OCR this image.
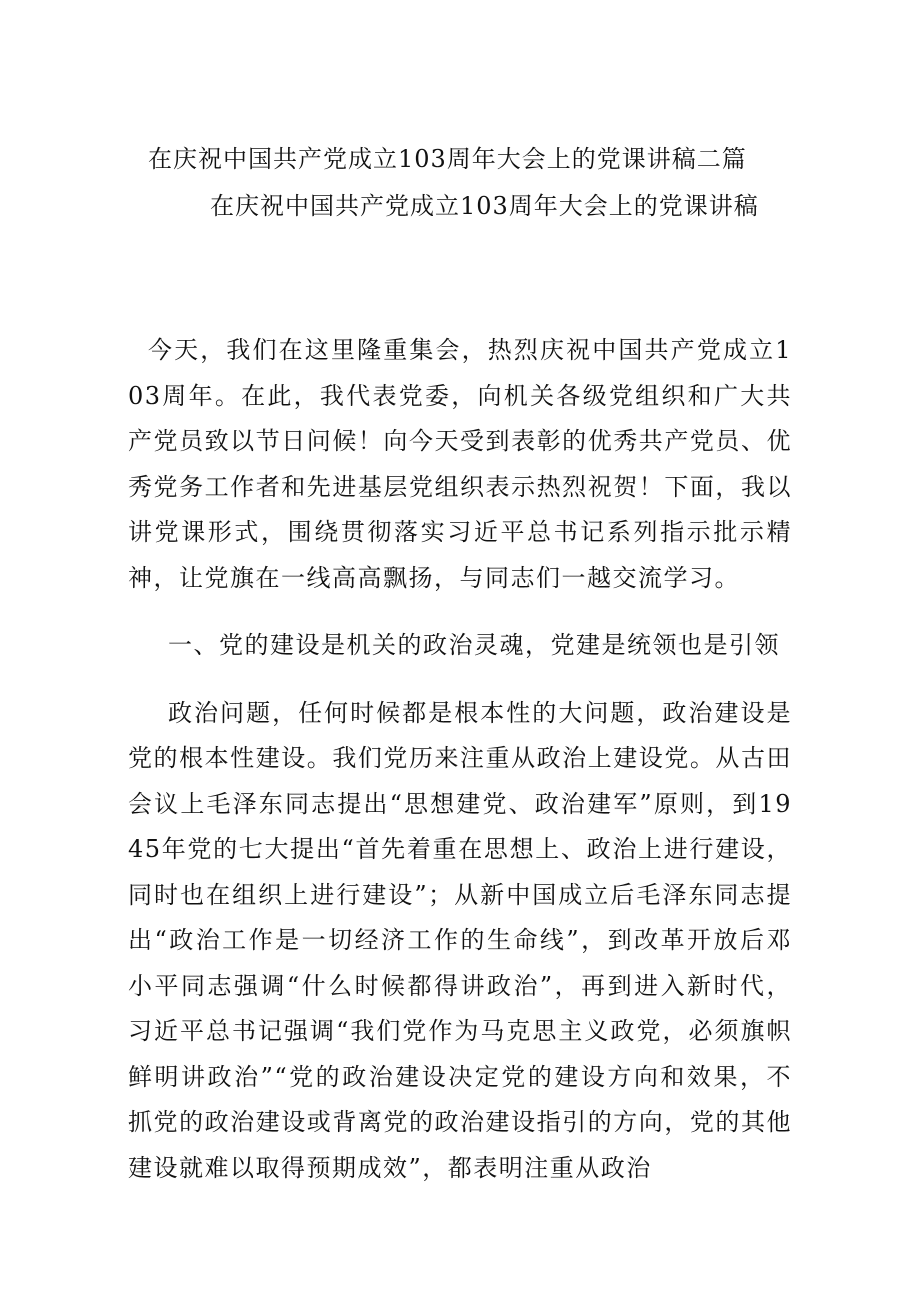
在庆祝中国共产党成立103周年大会上的党课讲稿二篇
在庆祝中国共产党成立103周年大会上的党课讲稿

今天，我们在这里隆重集会，热烈庆祝中国共产党成立103周年。在此，我代表党委，向机关各级党组织和广大共产党员致以节日问候！向今天受到表彰的优秀共产党员、优秀党务工作者和先进基层党组织表示热烈祝贺！下面，我以讲党课形式，围绕贯彻落实习近平总书记系列指示批示精神，让党旗在一线高高飘扬，与同志们一越交流学习。

一、党的建设是机关的政治灵魂，党建是统领也是引领

政治问题，任何时候都是根本性的大问题，政治建设是党的根本性建设。我们党历来注重从政治上建设党。从古田会议上毛泽东同志提出“思想建党、政治建军”原则，到1945年党的七大提出“首先着重在思想上、政治上进行建设，同时也在组织上进行建设”；从新中国成立后毛泽东同志提出“政治工作是一切经济工作的生命线”，到改革开放后邓小平同志强调“什么时候都得讲政治”，再到进入新时代，习近平总书记强调“我们党作为马克思主义政党，必须旗帜鲜明讲政治”“党的政治建设决定党的建设方向和效果，不抓党的政治建设或背离党的政治建设指引的方向，党的其他建设就难以取得预期成效”，都表明注重从政治
